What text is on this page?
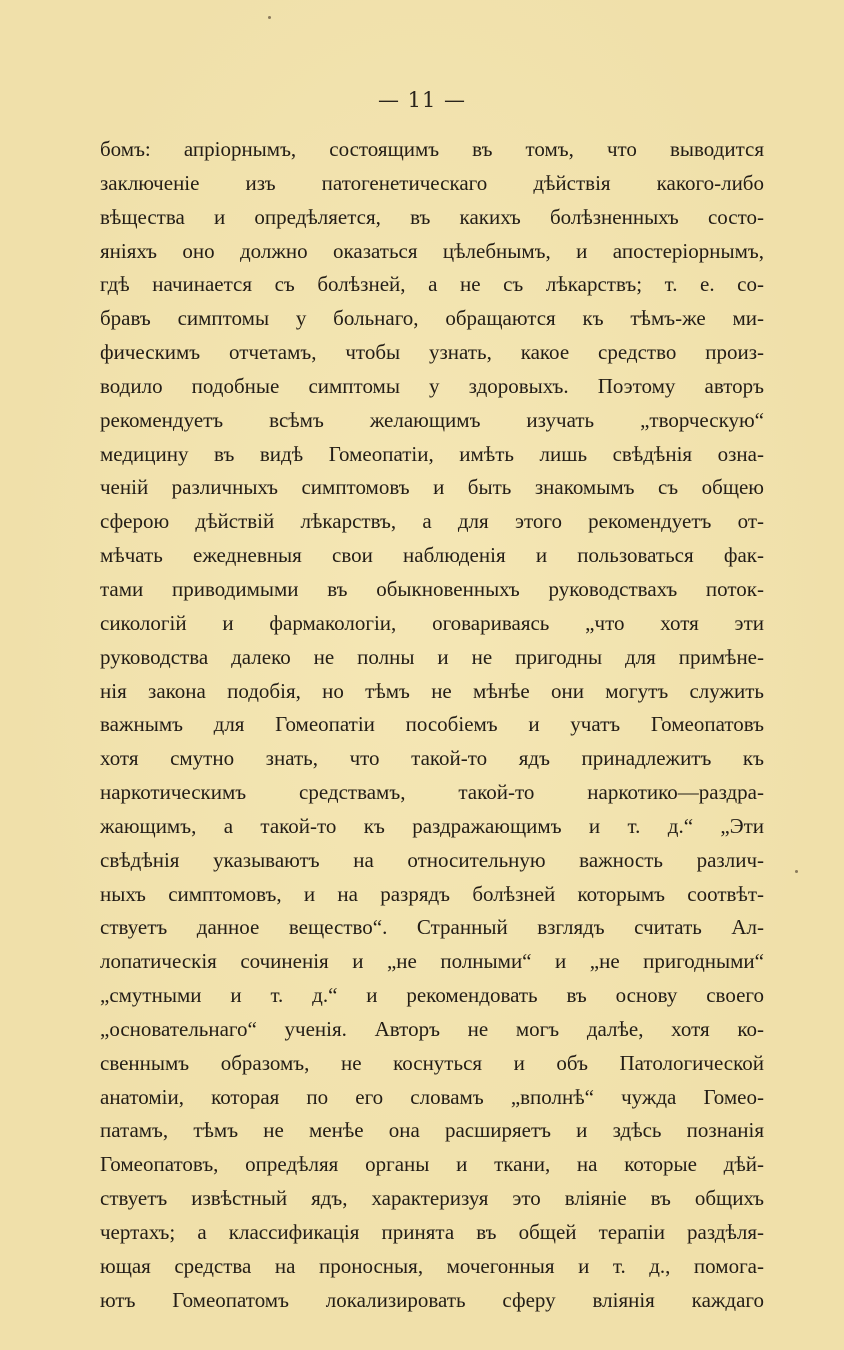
— 11 —
бомъ: апріорнымъ, состоящимъ въ томъ, что выводится
заключеніе изъ патогенетическаго дѣйствія какого-либо
вѣщества и опредѣляется, въ какихъ болѣзненныхъ состо-
яніяхъ оно должно оказаться цѣлебнымъ, и апостеріорнымъ,
гдѣ начинается съ болѣзней, а не съ лѣкарствъ; т. е. со-
бравъ симптомы у больнаго, обращаются къ тѣмъ-же ми-
фическимъ отчетамъ, чтобы узнать, какое средство произ-
водило подобные симптомы у здоровыхъ. Поэтому авторъ
рекомендуетъ всѣмъ желающимъ изучать „творческую“
медицину въ видѣ Гомеопатіи, имѣть лишь свѣдѣнія озна-
ченій различныхъ симптомовъ и быть знакомымъ съ общею
сферою дѣйствій лѣкарствъ, а для этого рекомендуетъ от-
мѣчать ежедневныя свои наблюденія и пользоваться фак-
тами приводимыми въ обыкновенныхъ руководствахъ поток-
сикологій и фармакологіи, оговариваясь „что хотя эти
руководства далеко не полны и не пригодны для примѣне-
нія закона подобія, но тѣмъ не мѣнѣе они могутъ служить
важнымъ для Гомеопатіи пособіемъ и учатъ Гомеопатовъ
хотя смутно знать, что такой-то ядъ принадлежитъ къ
наркотическимъ средствамъ, такой-то наркотико—раздра-
жающимъ, а такой-то къ раздражающимъ и т. д.“ „Эти
свѣдѣнія указываютъ на относительную важность различ-
ныхъ симптомовъ, и на разрядъ болѣзней которымъ соотвѣт-
ствуетъ данное вещество“. Странный взглядъ считать Ал-
лопатическія сочиненія и „не полными“ и „не пригодными“
„смутными и т. д.“ и рекомендовать въ основу своего
„основательнаго“ ученія. Авторъ не могъ далѣе, хотя ко-
свеннымъ образомъ, не коснуться и объ Патологической
анатоміи, которая по его словамъ „вполнѣ“ чужда Гомео-
патамъ, тѣмъ не менѣе она расширяетъ и здѣсь познанія
Гомеопатовъ, опредѣляя органы и ткани, на которые дѣй-
ствуетъ извѣстный ядъ, характеризуя это вліяніе въ общихъ
чертахъ; а классификація принята въ общей терапіи раздѣля-
ющая средства на проносныя, мочегонныя и т. д., помога-
ютъ Гомеопатомъ локализировать сферу вліянія каждаго
